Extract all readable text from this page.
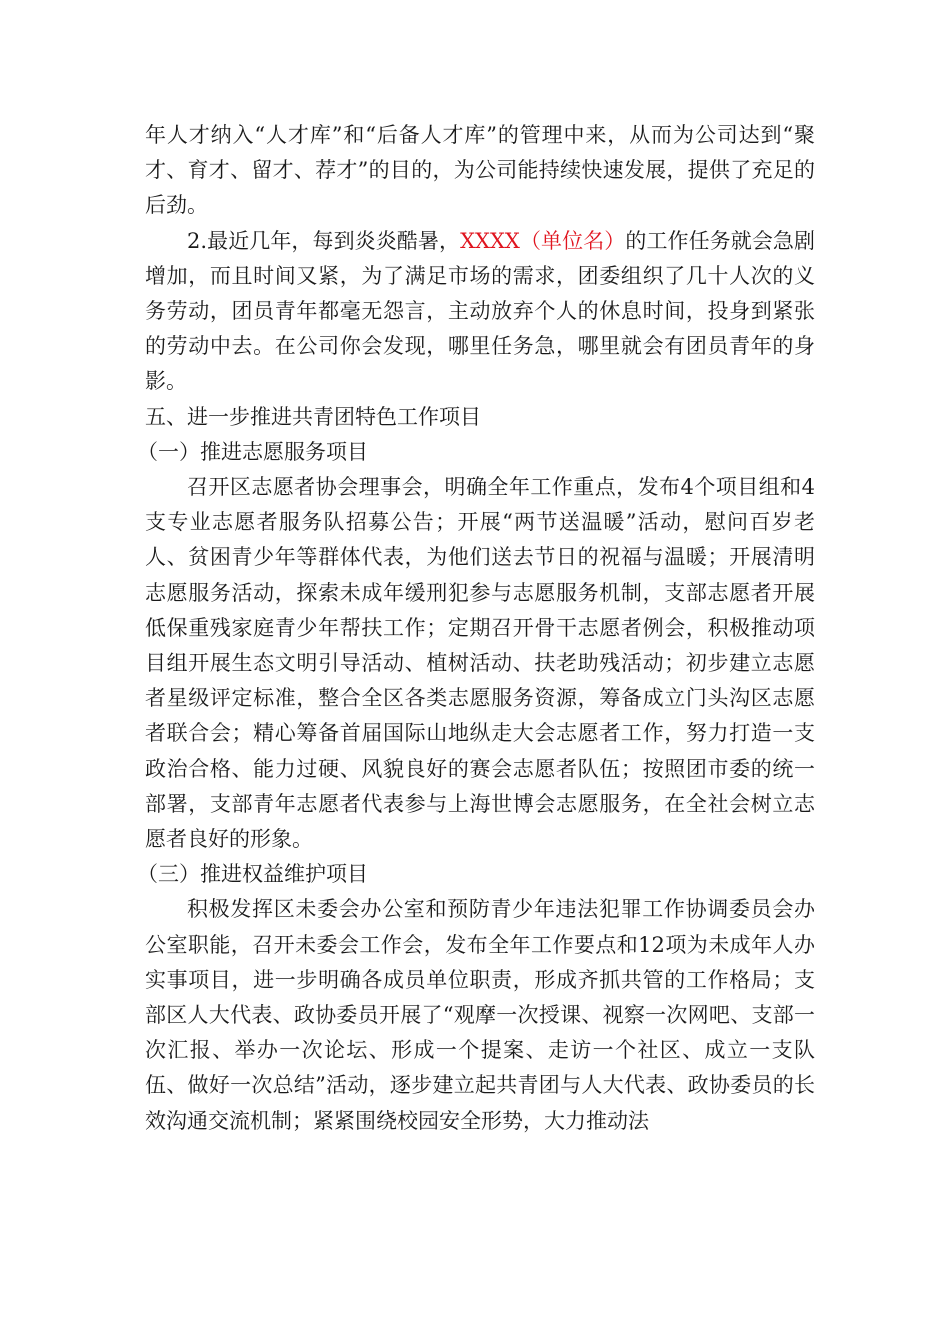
年人才纳入“人才库”和“后备人才库”的管理中来，从而为公司达到“聚才、育才、留才、荐才”的目的，为公司能持续快速发展，提供了充足的后劲。

2.最近几年，每到炎炎酷暑，XXXX（单位名）的工作任务就会急剧增加，而且时间又紧，为了满足市场的需求，团委组织了几十人次的义务劳动，团员青年都毫无怨言，主动放弃个人的休息时间，投身到紧张的劳动中去。在公司你会发现，哪里任务急，哪里就会有团员青年的身影。

五、进一步推进共青团特色工作项目

（一）推进志愿服务项目

召开区志愿者协会理事会，明确全年工作重点，发布4个项目组和4支专业志愿者服务队招募公告；开展“两节送温暖”活动，慰问百岁老人、贫困青少年等群体代表，为他们送去节日的祝福与温暖；开展清明志愿服务活动，探索未成年缓刑犯参与志愿服务机制，支部志愿者开展低保重残家庭青少年帮扶工作；定期召开骨干志愿者例会，积极推动项目组开展生态文明引导活动、植树活动、扶老助残活动；初步建立志愿者星级评定标准，整合全区各类志愿服务资源，筹备成立门头沟区志愿者联合会；精心筹备首届国际山地纵走大会志愿者工作，努力打造一支政治合格、能力过硬、风貌良好的赛会志愿者队伍；按照团市委的统一部署，支部青年志愿者代表参与上海世博会志愿服务，在全社会树立志愿者良好的形象。

（三）推进权益维护项目

积极发挥区未委会办公室和预防青少年违法犯罪工作协调委员会办公室职能，召开未委会工作会，发布全年工作要点和12项为未成年人办实事项目，进一步明确各成员单位职责，形成齐抓共管的工作格局；支部区人大代表、政协委员开展了“观摩一次授课、视察一次网吧、支部一次汇报、举办一次论坛、形成一个提案、走访一个社区、成立一支队伍、做好一次总结”活动，逐步建立起共青团与人大代表、政协委员的长效沟通交流机制；紧紧围绕校园安全形势，大力推动法
